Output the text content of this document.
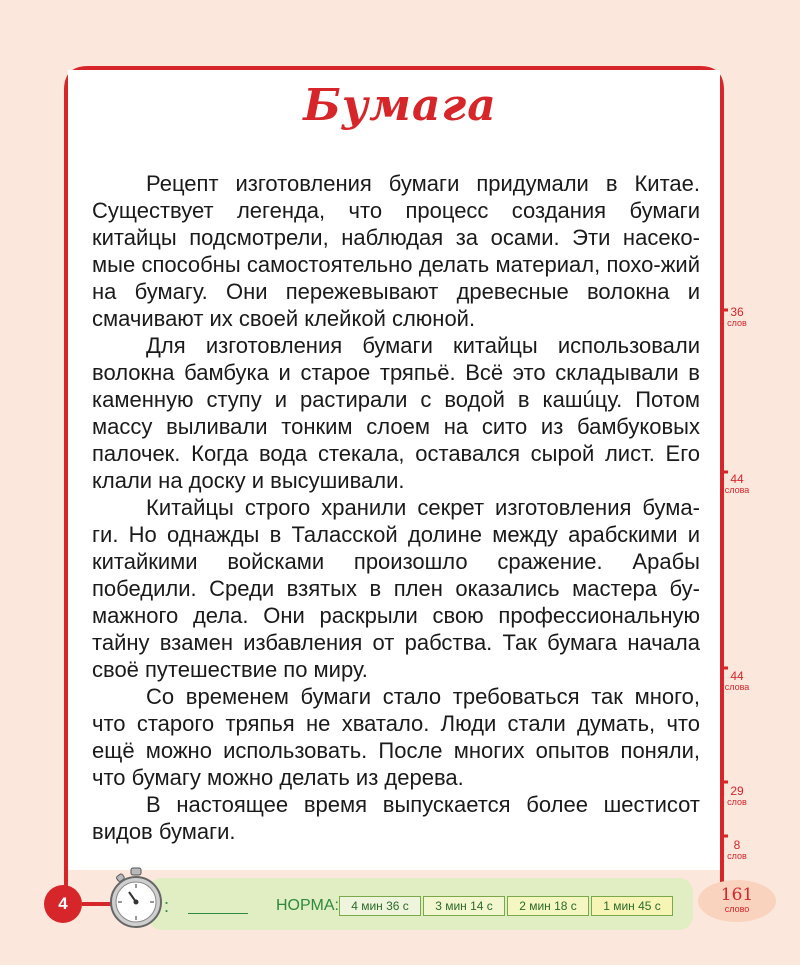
Бумага

Рецепт изготовления бумаги придумали в Китае. Существует легенда, что процесс создания бумаги китайцы подсмотрели, наблюдая за осами. Эти насеко-мые способны самостоятельно делать материал, похо-жий на бумагу. Они пережевывают древесные волокна и смачивают их своей клейкой слюной.

Для изготовления бумаги китайцы использовали волокна бамбука и старое тряпьё. Всё это складывали в каменную ступу и растирали с водой в кашúцу. Потом массу выливали тонким слоем на сито из бамбуковых палочек. Когда вода стекала, оставался сырой лист. Его клали на доску и высушивали.

Китайцы строго хранили секрет изготовления бума-ги. Но однажды в Таласской долине между арабскими и китайкими войсками произошло сражение. Арабы победили. Среди взятых в плен оказались мастера бу-мажного дела. Они раскрыли свою профессиональную тайну взамен избавления от рабства. Так бумага начала своё путешествие по миру.

Со временем бумаги стало требоваться так много, что старого тряпья не хватало. Люди стали думать, что ещё можно использовать. После многих опытов поняли, что бумагу можно делать из дерева.

В настоящее время выпускается более шестисот видов бумаги.

36
слов
44
слова
44
слова
29
слов
8
слов
4	:	НОРМА:	4 мин 36 с	3 мин 14 с	2 мин 18 с	1 мин 45 с
161
слово
